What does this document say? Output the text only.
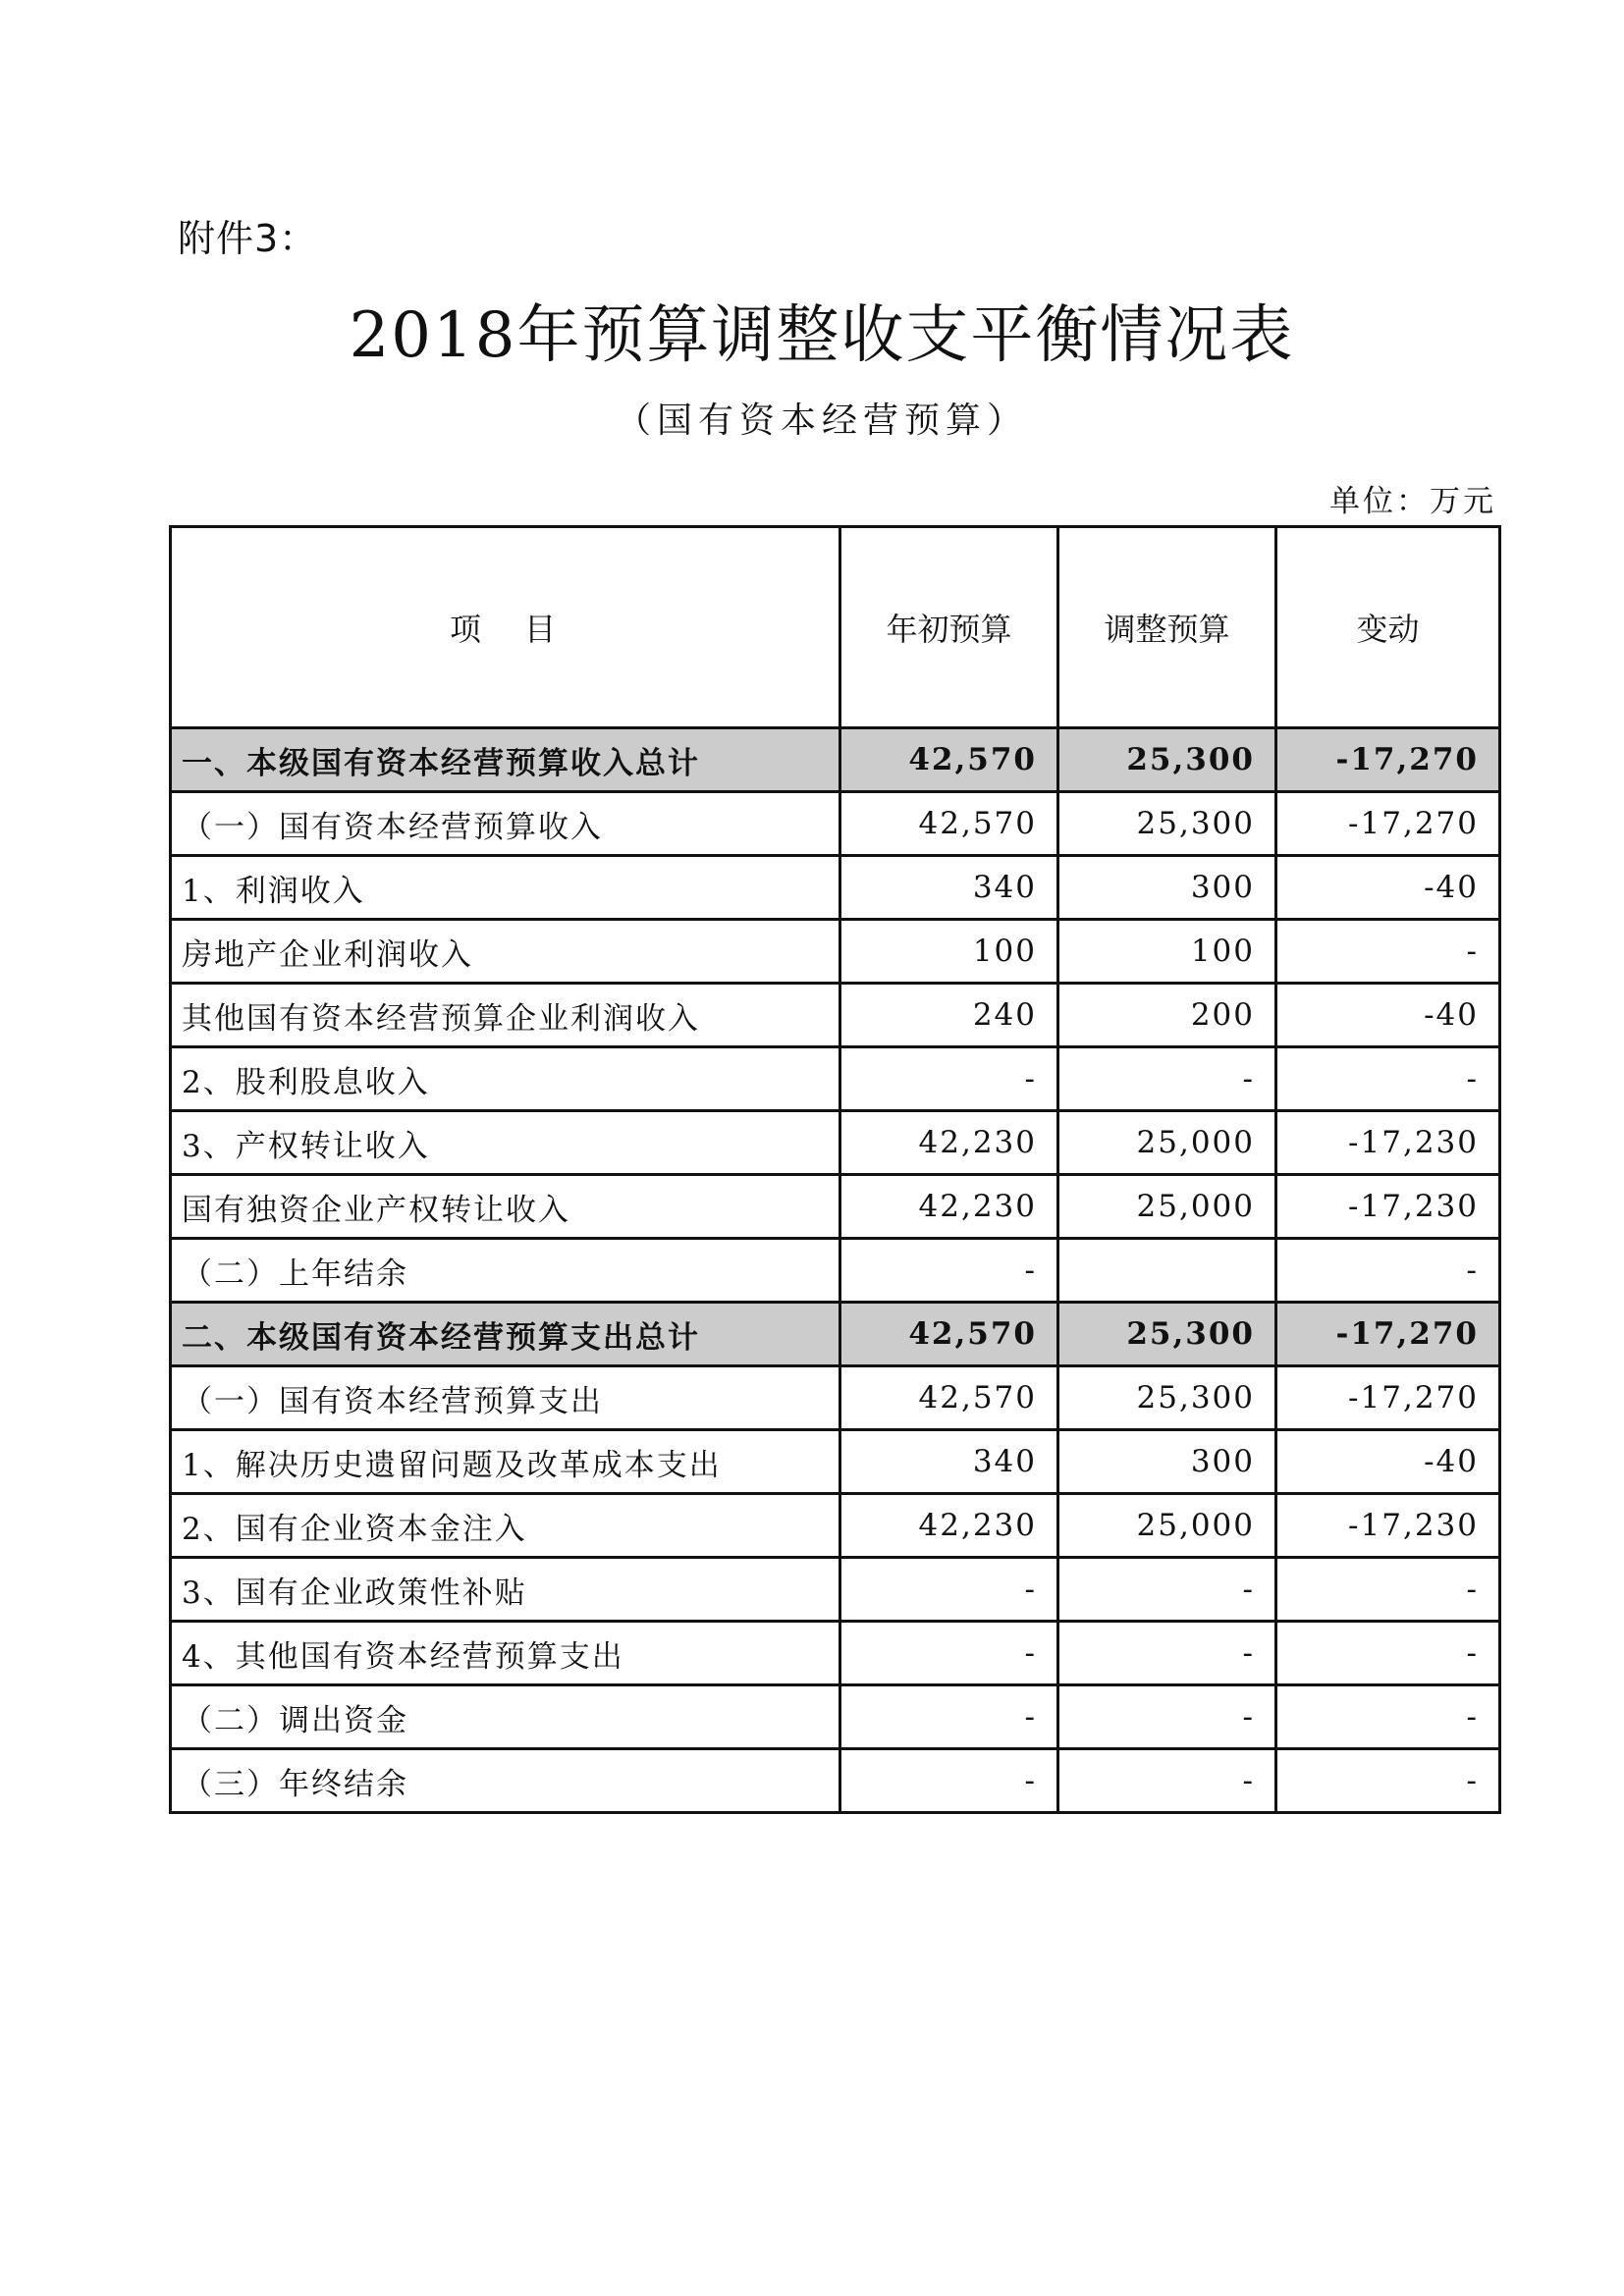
附件3：
2018年预算调整收支平衡情况表
（国有资本经营预算）
单位：万元
项目	年初预算	调整预算	变动
一、本级国有资本经营预算收入总计	42,570	25,300	-17,270
（一）国有资本经营预算收入	42,570	25,300	-17,270
1、利润收入	340	300	-40
房地产企业利润收入	100	100	-
其他国有资本经营预算企业利润收入	240	200	-40
2、股利股息收入	-	-	-
3、产权转让收入	42,230	25,000	-17,230
国有独资企业产权转让收入	42,230	25,000	-17,230
（二）上年结余	-		-
二、本级国有资本经营预算支出总计	42,570	25,300	-17,270
（一）国有资本经营预算支出	42,570	25,300	-17,270
1、解决历史遗留问题及改革成本支出	340	300	-40
2、国有企业资本金注入	42,230	25,000	-17,230
3、国有企业政策性补贴	-	-	-
4、其他国有资本经营预算支出	-	-	-
（二）调出资金	-	-	-
（三）年终结余	-	-	-
